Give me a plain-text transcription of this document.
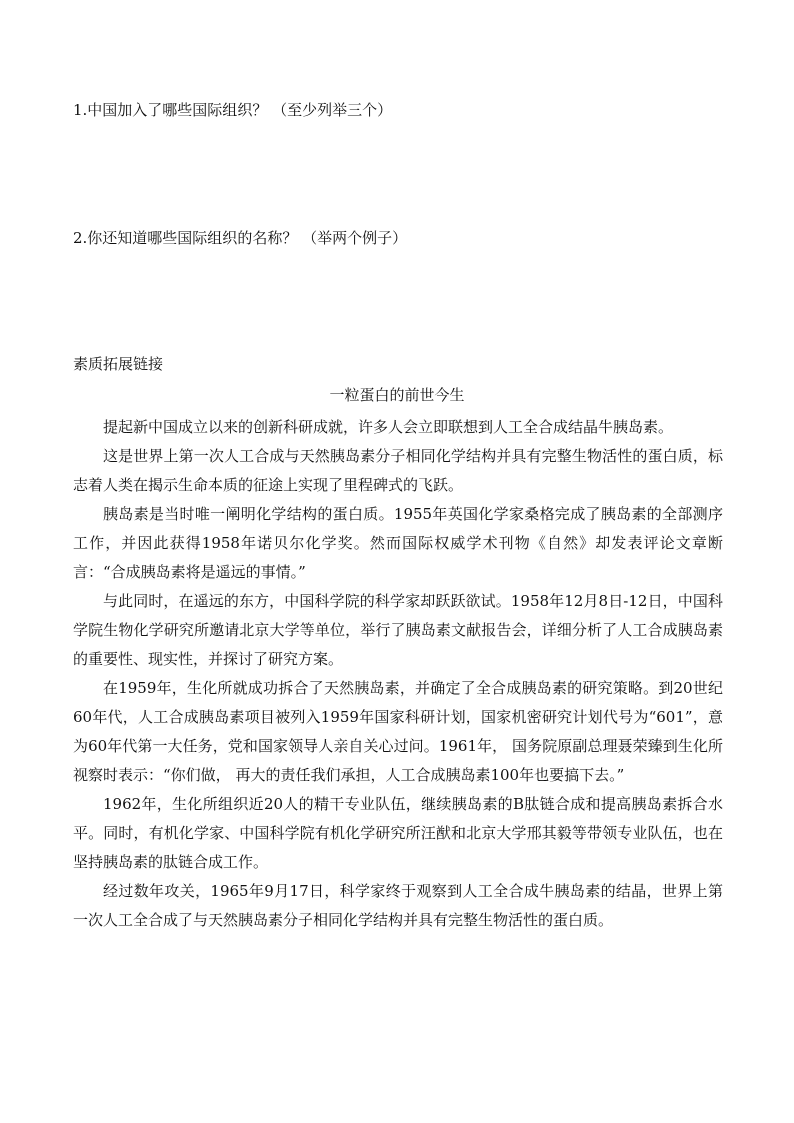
1.中国加入了哪些国际组织？ （至少列举三个）
2.你还知道哪些国际组织的名称？ （举两个例子）
素质拓展链接
一粒蛋白的前世今生

提起新中国成立以来的创新科研成就，许多人会立即联想到人工全合成结晶牛胰岛素。

这是世界上第一次人工合成与天然胰岛素分子相同化学结构并具有完整生物活性的蛋白质，标志着人类在揭示生命本质的征途上实现了里程碑式的飞跃。

胰岛素是当时唯一阐明化学结构的蛋白质。1955年英国化学家桑格完成了胰岛素的全部测序工作，并因此获得1958年诺贝尔化学奖。然而国际权威学术刊物《自然》却发表评论文章断言：“合成胰岛素将是遥远的事情。”

与此同时，在遥远的东方，中国科学院的科学家却跃跃欲试。1958年12月8日-12日，中国科学院生物化学研究所邀请北京大学等单位，举行了胰岛素文献报告会，详细分析了人工合成胰岛素的重要性、现实性，并探讨了研究方案。

在1959年，生化所就成功拆合了天然胰岛素，并确定了全合成胰岛素的研究策略。到20世纪60年代，人工合成胰岛素项目被列入1959年国家科研计划，国家机密研究计划代号为“601”，意为60年代第一大任务，党和国家领导人亲自关心过问。1961年， 国务院原副总理聂荣臻到生化所视察时表示：“你们做， 再大的责任我们承担，人工合成胰岛素100年也要搞下去。”

1962年，生化所组织近20人的精干专业队伍，继续胰岛素的B肽链合成和提高胰岛素拆合水平。同时，有机化学家、中国科学院有机化学研究所汪猷和北京大学邢其毅等带领专业队伍，也在坚持胰岛素的肽链合成工作。

经过数年攻关，1965年9月17日，科学家终于观察到人工全合成牛胰岛素的结晶，世界上第一次人工全合成了与天然胰岛素分子相同化学结构并具有完整生物活性的蛋白质。
